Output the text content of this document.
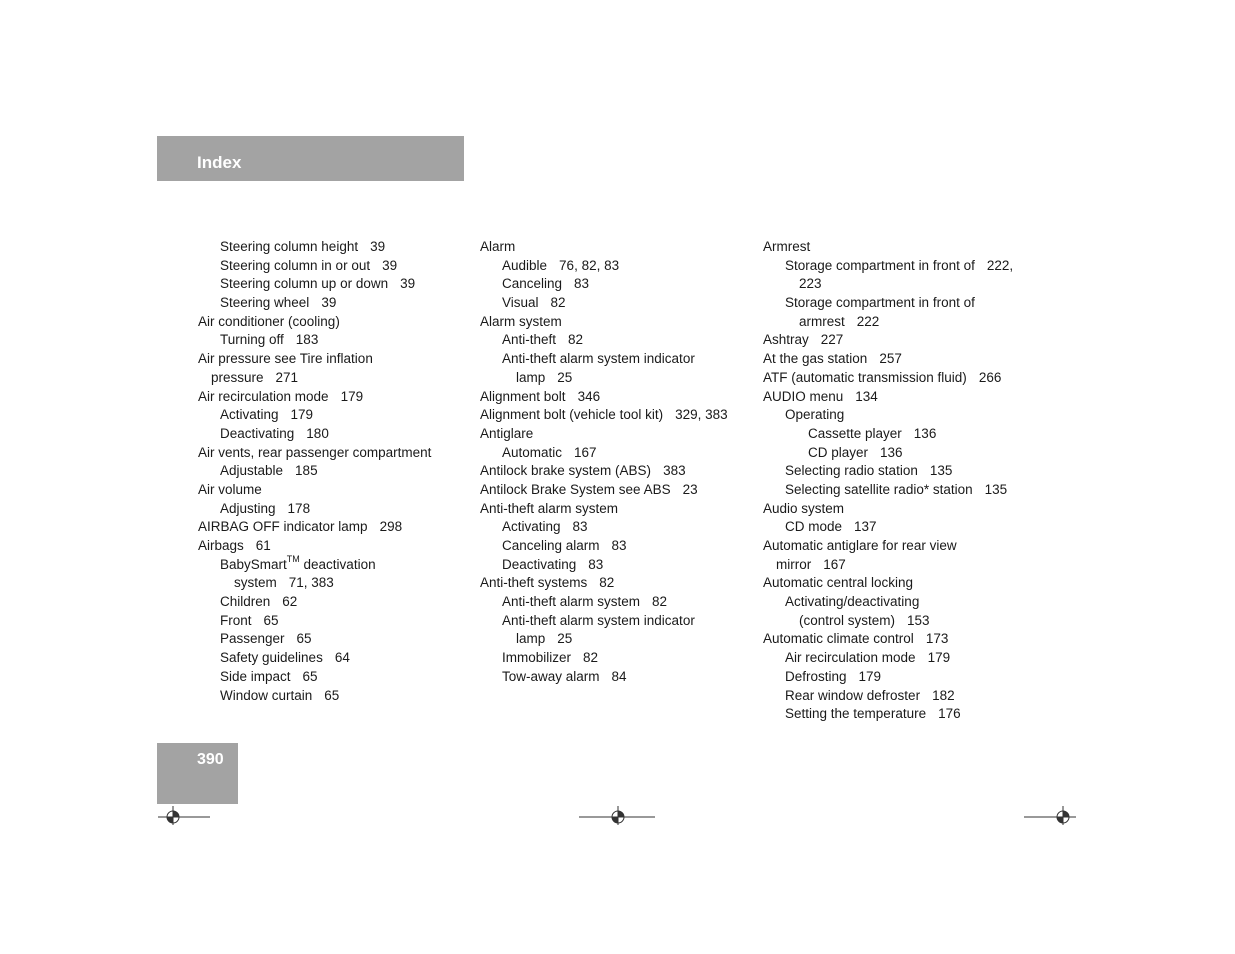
Index
Steering column height 39
Steering column in or out 39
Steering column up or down 39
Steering wheel 39
Air conditioner (cooling)
Turning off 183
Air pressure see Tire inflation
pressure 271
Air recirculation mode 179
Activating 179
Deactivating 180
Air vents, rear passenger compartment
Adjustable 185
Air volume
Adjusting 178
AIRBAG OFF indicator lamp 298
Airbags 61
BabySmart™ deactivation
system 71, 383
Children 62
Front 65
Passenger 65
Safety guidelines 64
Side impact 65
Window curtain 65
Alarm
Audible 76, 82, 83
Canceling 83
Visual 82
Alarm system
Anti-theft 82
Anti-theft alarm system indicator
lamp 25
Alignment bolt 346
Alignment bolt (vehicle tool kit) 329, 383
Antiglare
Automatic 167
Antilock brake system (ABS) 383
Antilock Brake System see ABS 23
Anti-theft alarm system
Activating 83
Canceling alarm 83
Deactivating 83
Anti-theft systems 82
Anti-theft alarm system 82
Anti-theft alarm system indicator
lamp 25
Immobilizer 82
Tow-away alarm 84
Armrest
Storage compartment in front of 222,
223
Storage compartment in front of
armrest 222
Ashtray 227
At the gas station 257
ATF (automatic transmission fluid) 266
AUDIO menu 134
Operating
Cassette player 136
CD player 136
Selecting radio station 135
Selecting satellite radio* station 135
Audio system
CD mode 137
Automatic antiglare for rear view
mirror 167
Automatic central locking
Activating/deactivating
(control system) 153
Automatic climate control 173
Air recirculation mode 179
Defrosting 179
Rear window defroster 182
Setting the temperature 176
390
